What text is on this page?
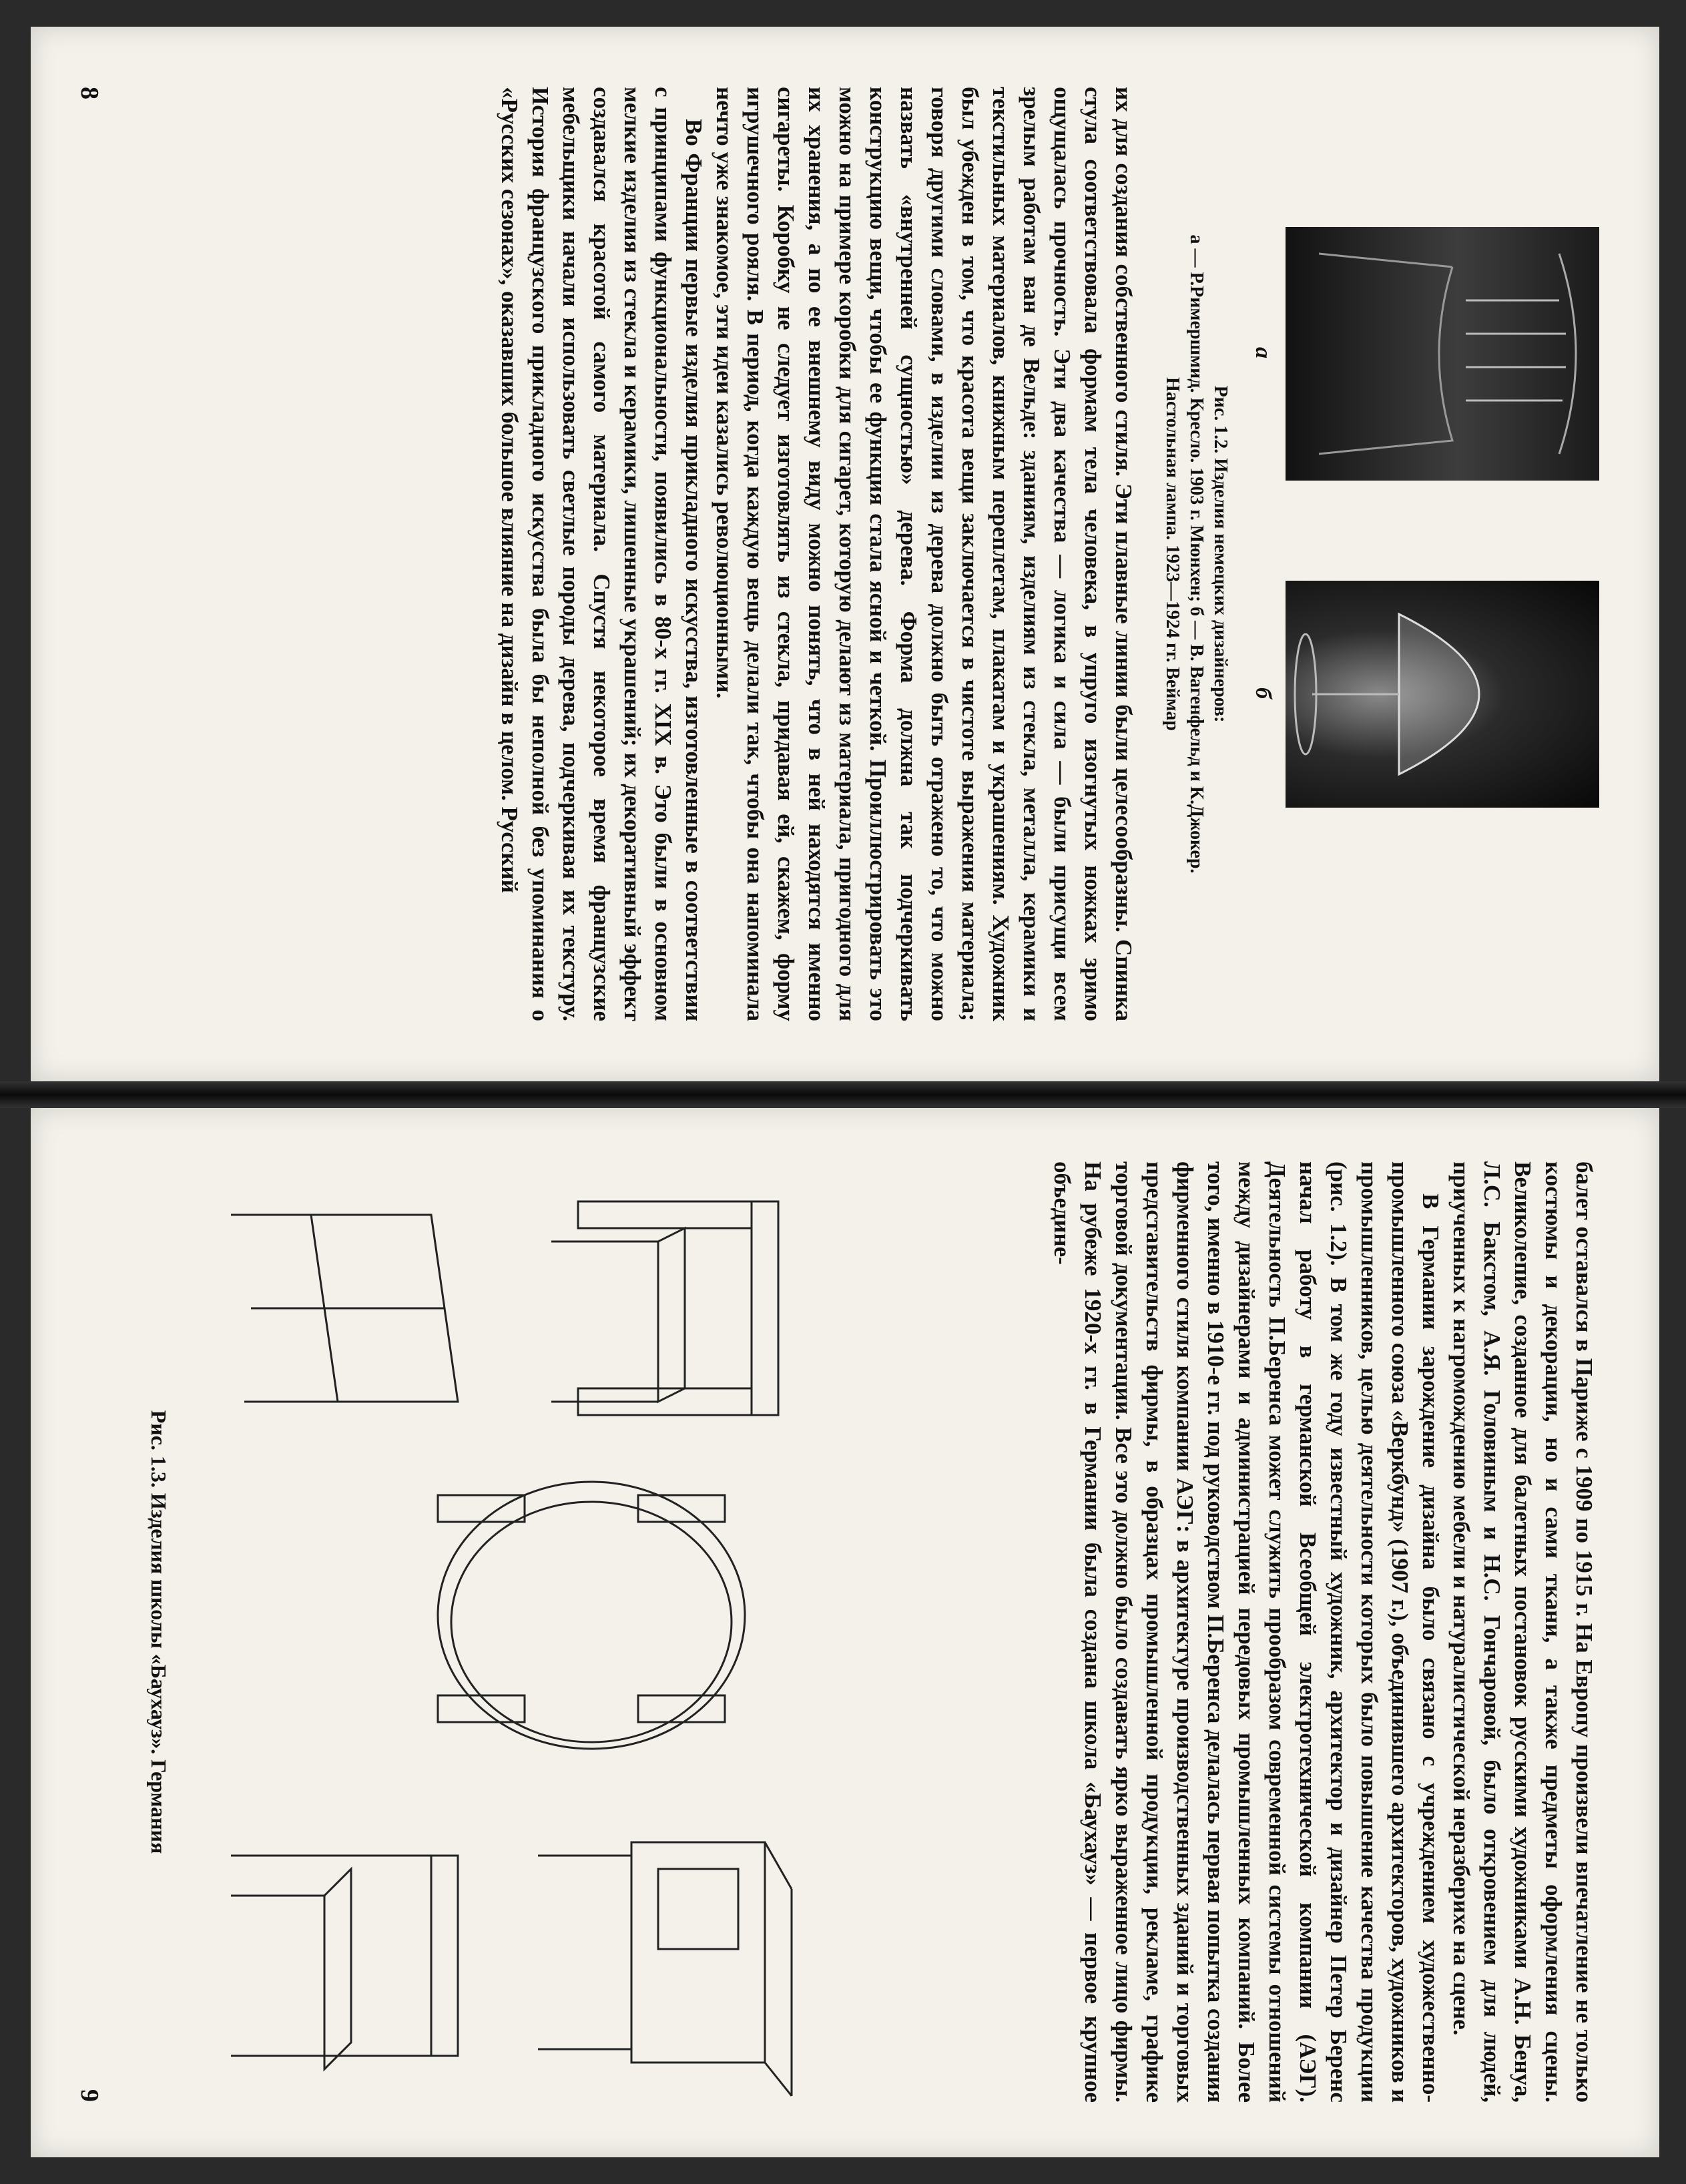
а
б
Рис. 1.2. Изделия немецких дизайнеров:
а — Р.Римершмид. Кресло. 1903 г. Мюнхен; б — В. Вагенфельд и К.Джокер.
Настольная лампа. 1923—1924 гг. Веймар

их для создания собственного стиля. Эти плавные линии были целесообразны. Спинка стула соответствовала формам тела человека, в упруго изогнутых ножках зримо ощущалась прочность. Эти два качества — логика и сила — были присущи всем зрелым работам ван де Вельде: зданиям, изделиям из стекла, металла, керамики и текстильных материалов, книжным переплетам, плакатам и украшениям. Художник был убежден в том, что красота вещи заключается в чистоте выражения материала; говоря другими словами, в изделии из дерева должно быть отражено то, что можно назвать «внутренней сущностью» дерева. Форма должна так подчеркивать конструкцию вещи, чтобы ее функция стала ясной и четкой. Проиллюстрировать это можно на примере коробки для сигарет, которую делают из материала, пригодного для их хранения, а по ее внешнему виду можно понять, что в ней находятся именно сигареты. Коробку не следует изготовлять из стекла, придавая ей, скажем, форму игрушечного рояля. В период, когда каждую вещь делали так, чтобы она напоминала нечто уже знакомое, эти идеи казались революционными.

Во Франции первые изделия прикладного искусства, изготовленные в соответствии с принципами функциональности, появились в 80-х гг. XIX в. Это были в основном мелкие изделия из стекла и керамики, лишенные украшений; их декоративный эффект создавался красотой самого материала. Спустя некоторое время французские мебельщики начали использовать светлые породы дерева, подчеркивая их текстуру. История французского прикладного искусства была бы неполной без упоминания о «Русских сезонах», оказавших большое влияние на дизайн в целом. Русский

8

балет оставался в Париже с 1909 по 1915 г. На Европу произвели впечатление не только костюмы и декорации, но и сами ткани, а также предметы оформления сцены. Великолепие, созданное для балетных постановок русскими художниками А.Н. Бенуа, Л.С. Бакстом, А.Я. Головиным и Н.С. Гончаровой, было откровением для людей, приученных к нагромождению мебели и натуралистической неразберихе на сцене.

В Германии зарождение дизайна было связано с учреждением художественно-промышленного союза «Веркбунд» (1907 г.), объединившего архитекторов, художников и промышленников, целью деятельности которых было повышение качества продукции (рис. 1.2). В том же году известный художник, архитектор и дизайнер Петер Беренс начал работу в германской Всеобщей электротехнической компании (АЭГ). Деятельность П.Беренса может служить прообразом современной системы отношений между дизайнерами и администрацией передовых промышленных компаний. Более того, именно в 1910-е гг. под руководством П.Беренса делалась первая попытка создания фирменного стиля компании АЭГ: в архитектуре производственных зданий и торговых представительств фирмы, в образцах промышленной продукции, рекламе, графике торговой документации. Все это должно было создавать ярко выраженное лицо фирмы. На рубеже 1920-х гг. в Германии была создана школа «Баухауз» — первое крупное объедине-

Рис. 1.3. Изделия школы «Баухауз». Германия
9
